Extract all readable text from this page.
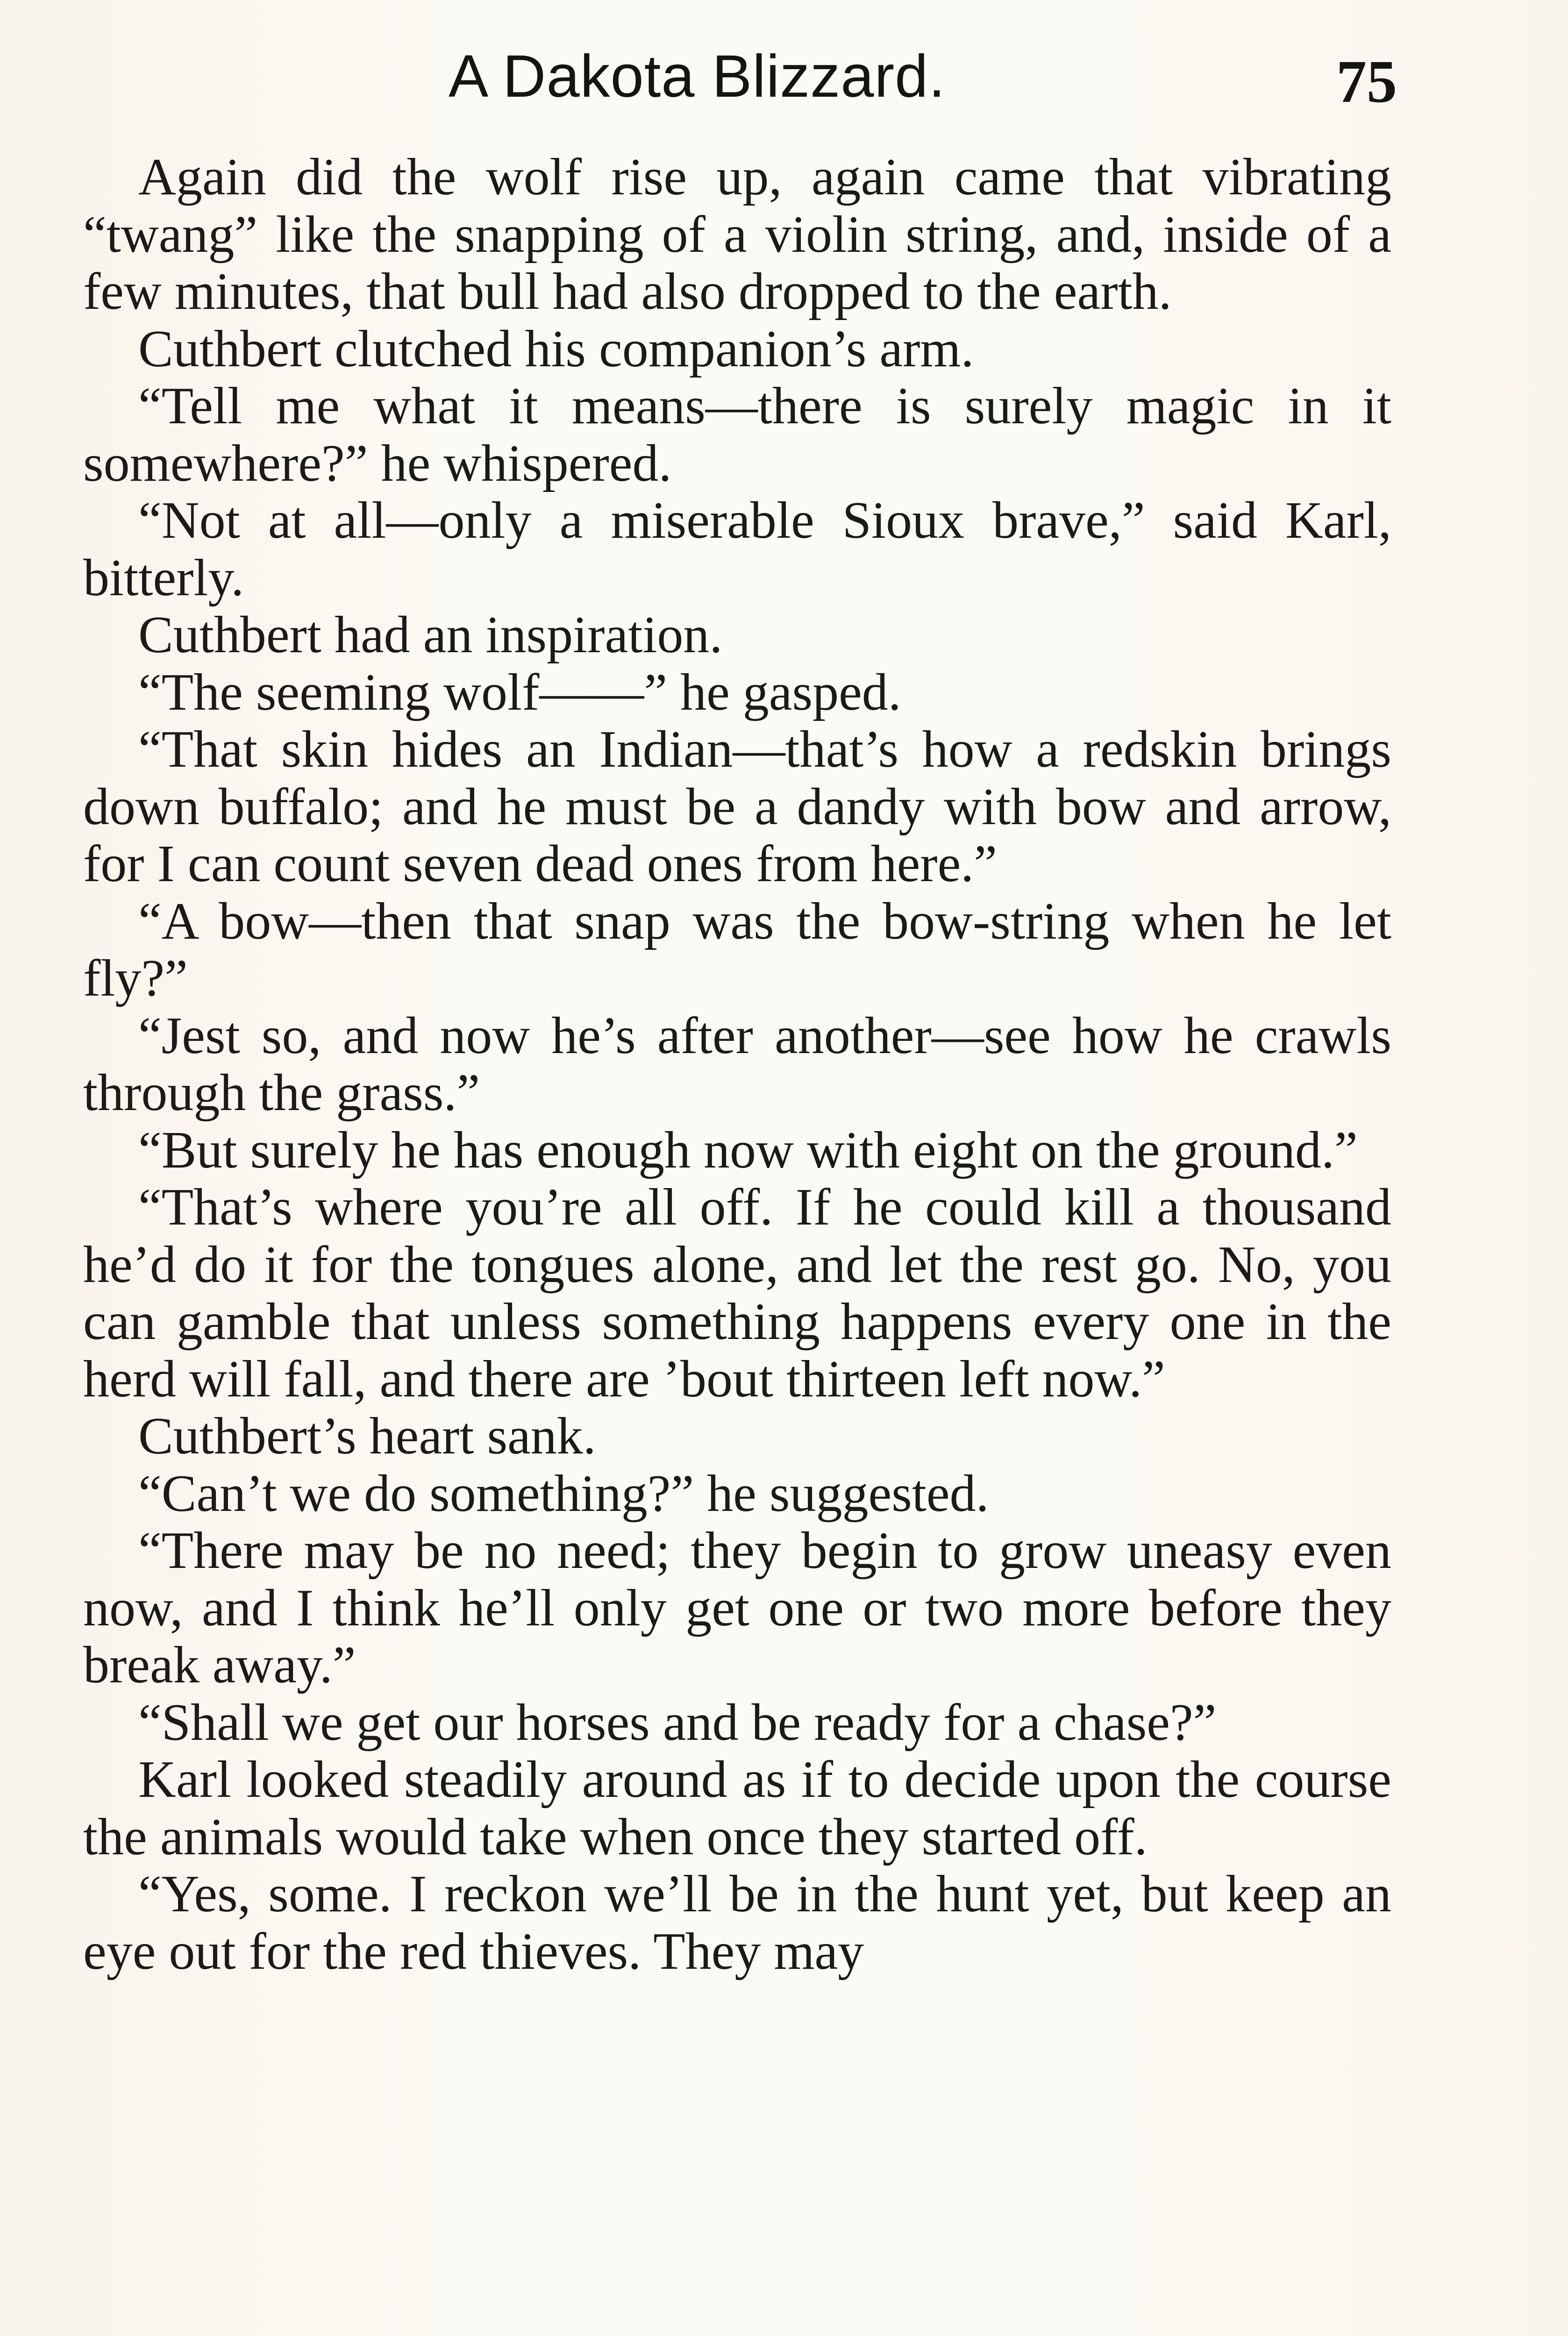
A Dakota Blizzard.	75

Again did the wolf rise up, again came that vibrating “twang” like the snapping of a violin string, and, inside of a few minutes, that bull had also dropped to the earth.

Cuthbert clutched his companion’s arm.

“Tell me what it means—there is surely magic in it somewhere?” he whispered.

“Not at all—only a miserable Sioux brave,” said Karl, bitterly.

Cuthbert had an inspiration.

“The seeming wolf——” he gasped.

“That skin hides an Indian—that’s how a redskin brings down buffalo; and he must be a dandy with bow and arrow, for I can count seven dead ones from here.”

“A bow—then that snap was the bow-string when he let fly?”

“Jest so, and now he’s after another—see how he crawls through the grass.”

“But surely he has enough now with eight on the ground.”

“That’s where you’re all off. If he could kill a thousand he’d do it for the tongues alone, and let the rest go. No, you can gamble that unless something happens every one in the herd will fall, and there are ’bout thirteen left now.”

Cuthbert’s heart sank.

“Can’t we do something?” he suggested.

“There may be no need; they begin to grow uneasy even now, and I think he’ll only get one or two more before they break away.”

“Shall we get our horses and be ready for a chase?”

Karl looked steadily around as if to decide upon the course the animals would take when once they started off.

“Yes, some. I reckon we’ll be in the hunt yet, but keep an eye out for the red thieves. They may
